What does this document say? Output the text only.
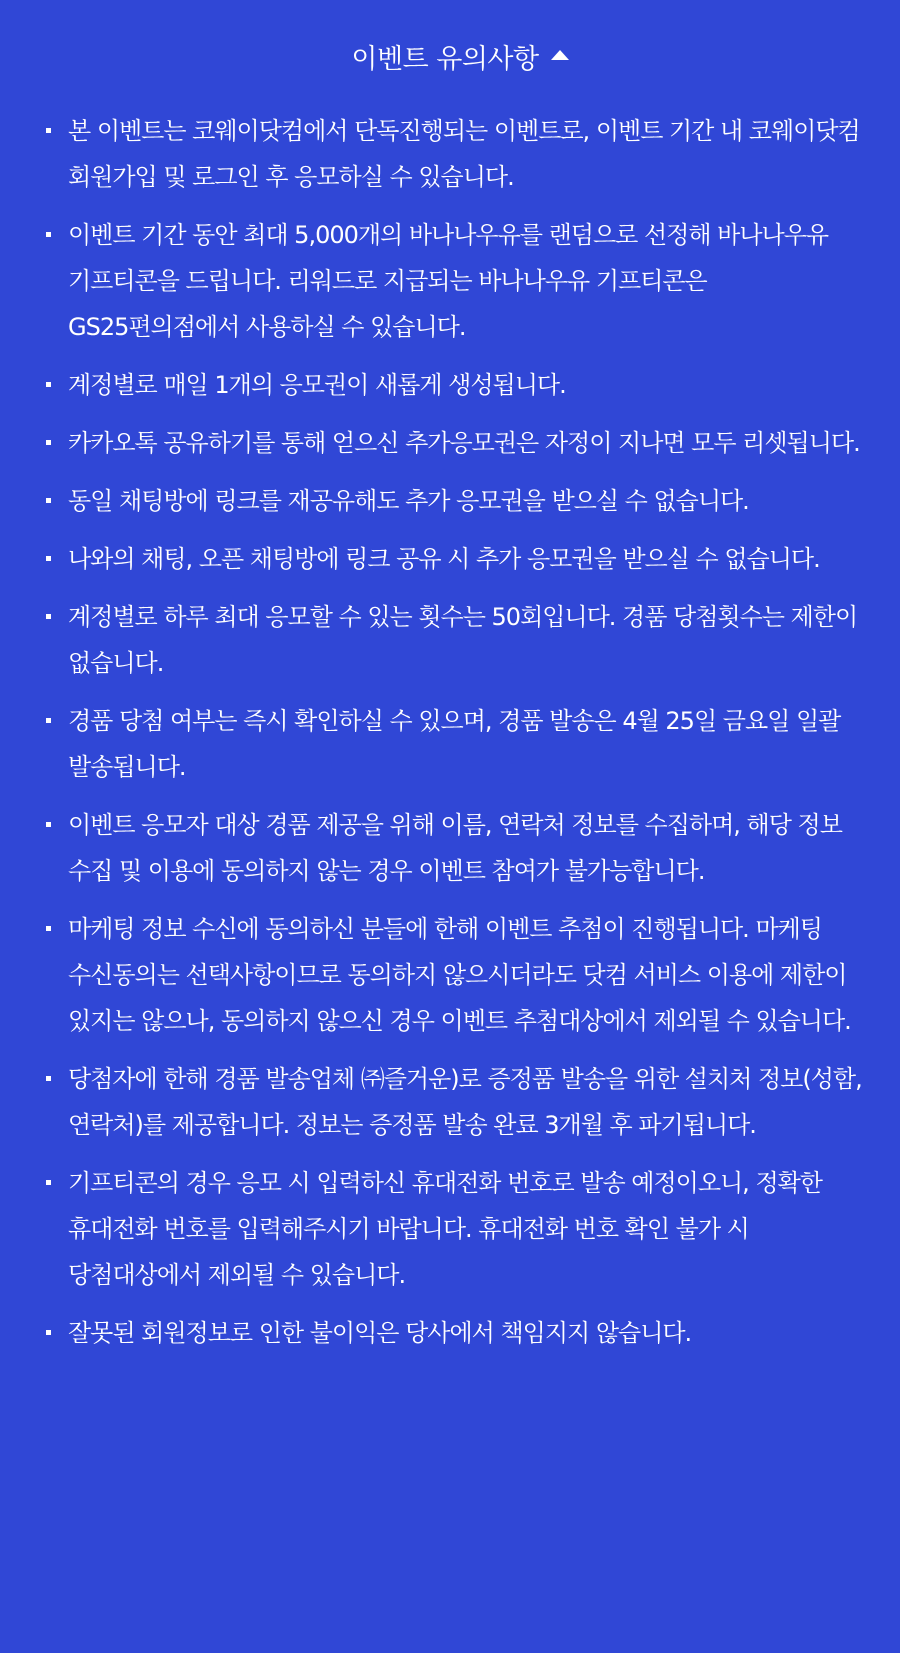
이벤트 유의사항
본 이벤트는 코웨이닷컴에서 단독진행되는 이벤트로, 이벤트 기간 내 코웨이닷컴 회원가입 및 로그인 후 응모하실 수 있습니다.
이벤트 기간 동안 최대 5,000개의 바나나우유를 랜덤으로 선정해 바나나우유 기프티콘을 드립니다. 리워드로 지급되는 바나나우유 기프티콘은 GS25편의점에서 사용하실 수 있습니다.
계정별로 매일 1개의 응모권이 새롭게 생성됩니다.
카카오톡 공유하기를 통해 얻으신 추가응모권은 자정이 지나면 모두 리셋됩니다.
동일 채팅방에 링크를 재공유해도 추가 응모권을 받으실 수 없습니다.
나와의 채팅, 오픈 채팅방에 링크 공유 시 추가 응모권을 받으실 수 없습니다.
계정별로 하루 최대 응모할 수 있는 횟수는 50회입니다. 경품 당첨횟수는 제한이 없습니다.
경품 당첨 여부는 즉시 확인하실 수 있으며, 경품 발송은 4월 25일 금요일 일괄 발송됩니다.
이벤트 응모자 대상 경품 제공을 위해 이름, 연락처 정보를 수집하며, 해당 정보 수집 및 이용에 동의하지 않는 경우 이벤트 참여가 불가능합니다.
마케팅 정보 수신에 동의하신 분들에 한해 이벤트 추첨이 진행됩니다. 마케팅 수신동의는 선택사항이므로 동의하지 않으시더라도 닷컴 서비스 이용에 제한이 있지는 않으나, 동의하지 않으신 경우 이벤트 추첨대상에서 제외될 수 있습니다.
당첨자에 한해 경품 발송업체 ㈜즐거운)로 증정품 발송을 위한 설치처 정보(성함, 연락처)를 제공합니다. 정보는 증정품 발송 완료 3개월 후 파기됩니다.
기프티콘의 경우 응모 시 입력하신 휴대전화 번호로 발송 예정이오니, 정확한 휴대전화 번호를 입력해주시기 바랍니다. 휴대전화 번호 확인 불가 시 당첨대상에서 제외될 수 있습니다.
잘못된 회원정보로 인한 불이익은 당사에서 책임지지 않습니다.
